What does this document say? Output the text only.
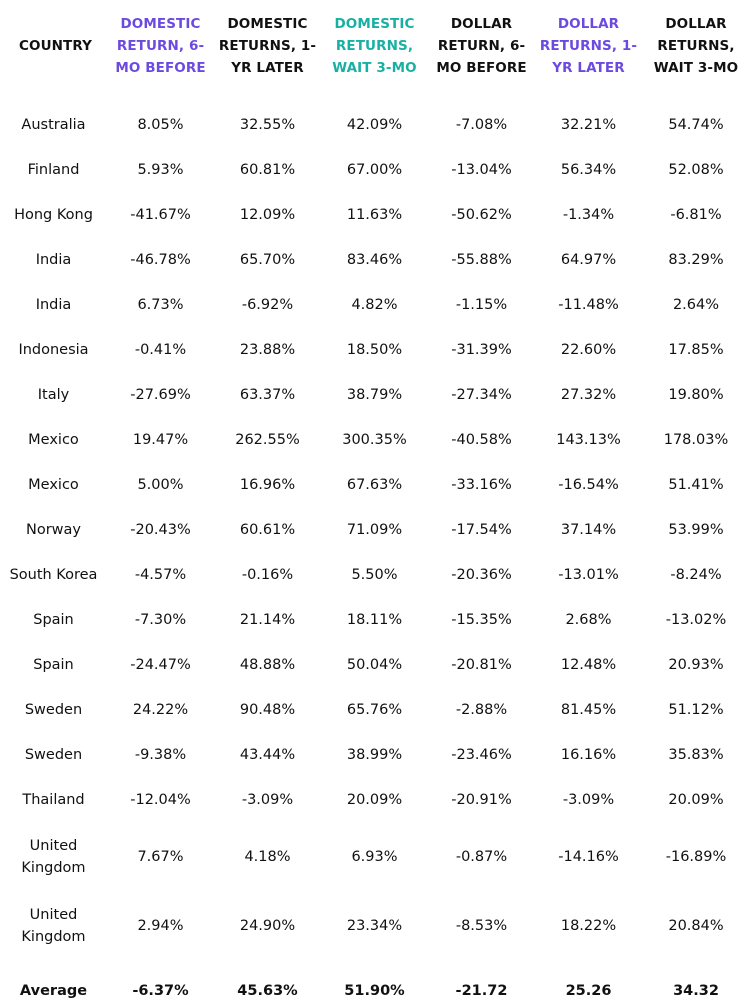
COUNTRY	DOMESTIC RETURN, 6-MO BEFORE	DOMESTIC RETURNS, 1-YR LATER	DOMESTIC RETURNS, WAIT 3-MO	DOLLAR RETURN, 6-MO BEFORE	DOLLAR RETURNS, 1-YR LATER	DOLLAR RETURNS, WAIT 3-MO

Australia	8.05%	32.55%	42.09%	-7.08%	32.21%	54.74%
Finland	5.93%	60.81%	67.00%	-13.04%	56.34%	52.08%
Hong Kong	-41.67%	12.09%	11.63%	-50.62%	-1.34%	-6.81%
India	-46.78%	65.70%	83.46%	-55.88%	64.97%	83.29%
India	6.73%	-6.92%	4.82%	-1.15%	-11.48%	2.64%
Indonesia	-0.41%	23.88%	18.50%	-31.39%	22.60%	17.85%
Italy	-27.69%	63.37%	38.79%	-27.34%	27.32%	19.80%
Mexico	19.47%	262.55%	300.35%	-40.58%	143.13%	178.03%
Mexico	5.00%	16.96%	67.63%	-33.16%	-16.54%	51.41%
Norway	-20.43%	60.61%	71.09%	-17.54%	37.14%	53.99%
South Korea	-4.57%	-0.16%	5.50%	-20.36%	-13.01%	-8.24%
Spain	-7.30%	21.14%	18.11%	-15.35%	2.68%	-13.02%
Spain	-24.47%	48.88%	50.04%	-20.81%	12.48%	20.93%
Sweden	24.22%	90.48%	65.76%	-2.88%	81.45%	51.12%
Sweden	-9.38%	43.44%	38.99%	-23.46%	16.16%	35.83%
Thailand	-12.04%	-3.09%	20.09%	-20.91%	-3.09%	20.09%
United Kingdom	7.67%	4.18%	6.93%	-0.87%	-14.16%	-16.89%
United Kingdom	2.94%	24.90%	23.34%	-8.53%	18.22%	20.84%
Average	-6.37%	45.63%	51.90%	-21.72	25.26	34.32
